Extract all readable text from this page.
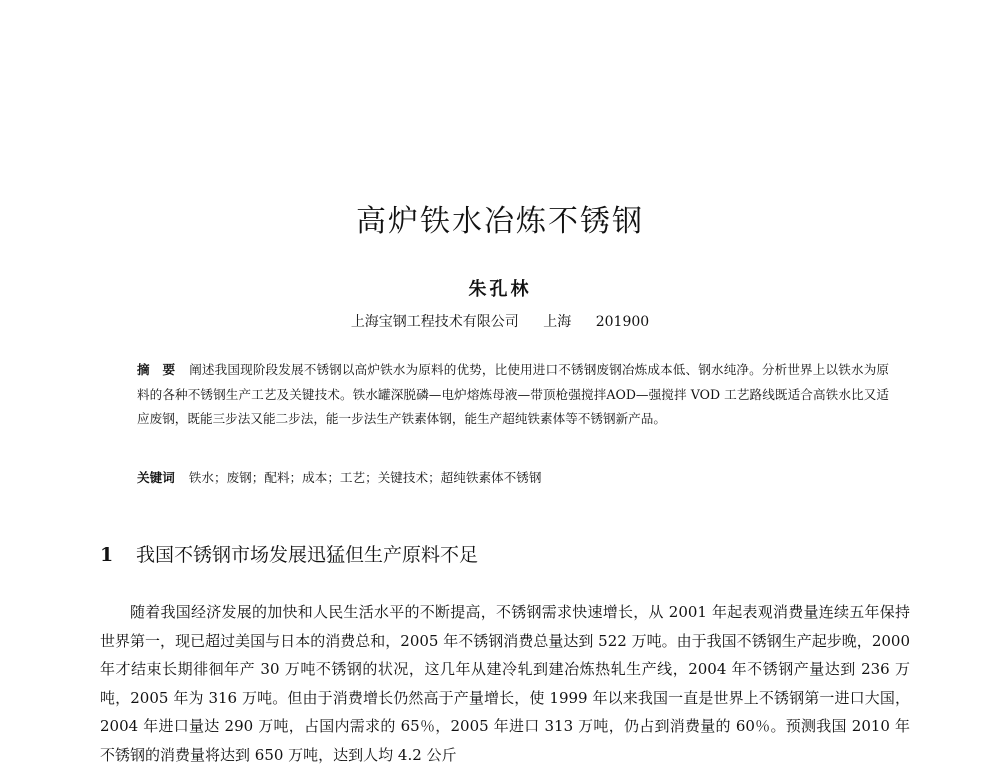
高炉铁水冶炼不锈钢
朱孔林
上海宝钢工程技术有限公司 上海 201900

摘　要 阐述我国现阶段发展不锈钢以高炉铁水为原料的优势，比使用进口不锈钢废钢冶炼成本低、钢水纯净。分析世界上以铁水为原料的各种不锈钢生产工艺及关键技术。铁水罐深脱磷—电炉熔炼母液—带顶枪强搅拌AOD—强搅拌 VOD 工艺路线既适合高铁水比又适应废钢，既能三步法又能二步法，能一步法生产铁素体钢，能生产超纯铁素体等不锈钢新产品。

关键词 铁水；废钢；配料；成本；工艺；关键技术；超纯铁素体不锈钢

1 我国不锈钢市场发展迅猛但生产原料不足

随着我国经济发展的加快和人民生活水平的不断提高，不锈钢需求快速增长，从 2001 年起表观消费量连续五年保持世界第一，现已超过美国与日本的消费总和，2005 年不锈钢消费总量达到 522 万吨。由于我国不锈钢生产起步晚，2000 年才结束长期徘徊年产 30 万吨不锈钢的状况，这几年从建冷轧到建冶炼热轧生产线，2004 年不锈钢产量达到 236 万吨，2005 年为 316 万吨。但由于消费增长仍然高于产量增长，使 1999 年以来我国一直是世界上不锈钢第一进口大国，2004 年进口量达 290 万吨，占国内需求的 65％，2005 年进口 313 万吨，仍占到消费量的 60％。预测我国 2010 年不锈钢的消费量将达到 650 万吨，达到人均 4.2 公斤
